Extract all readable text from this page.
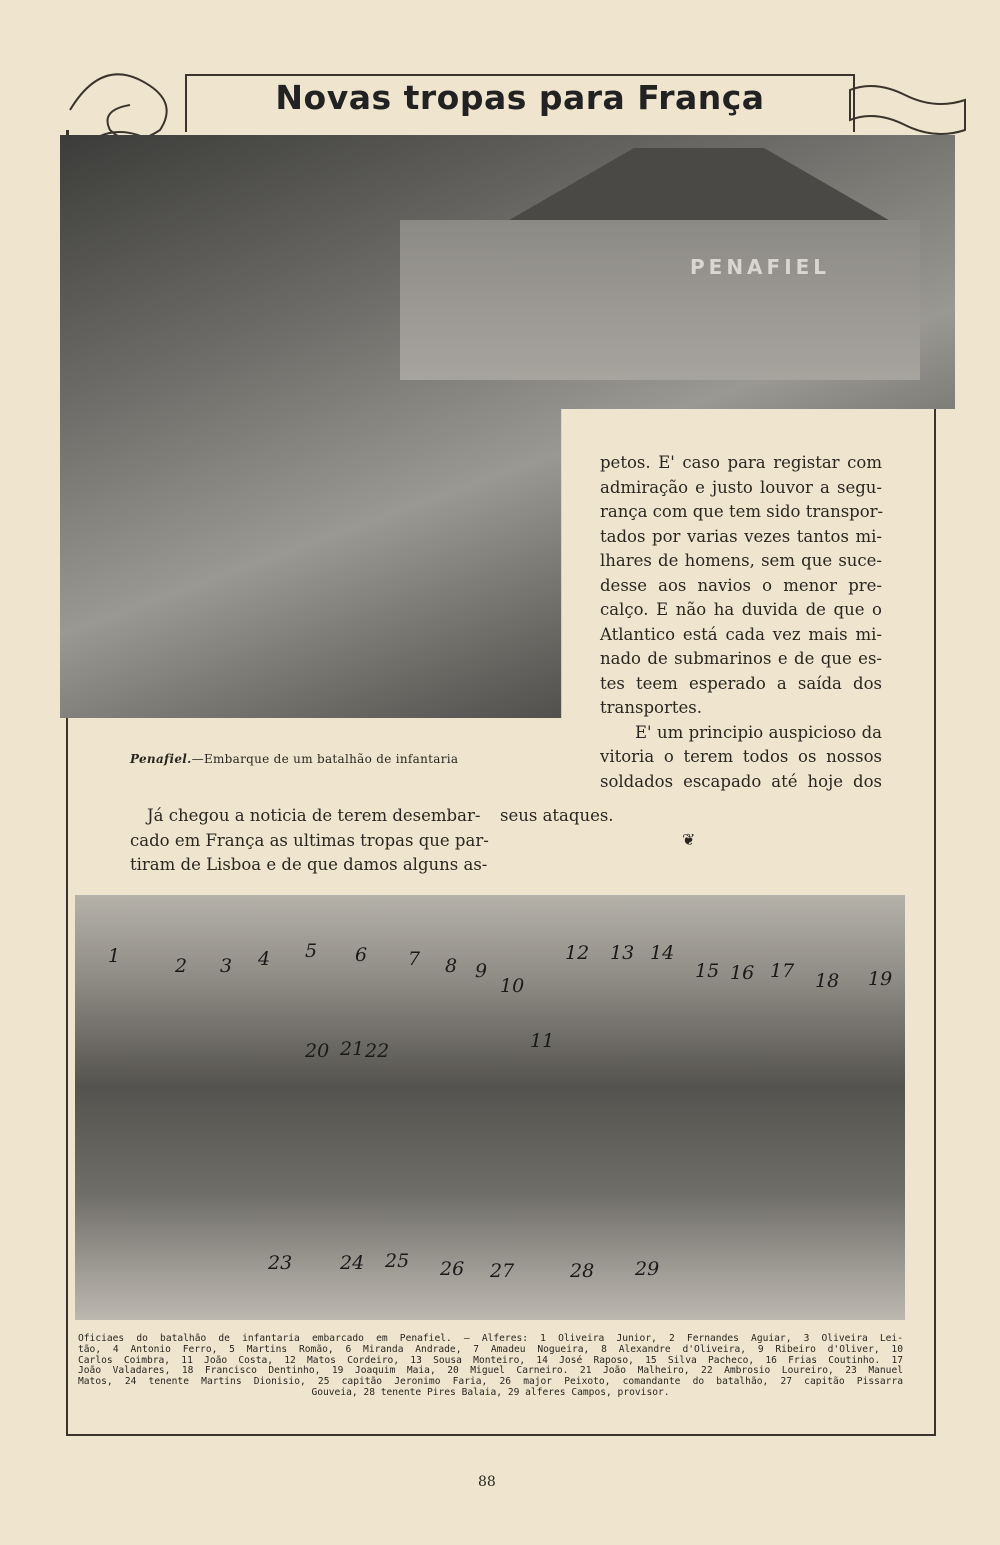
Novas tropas para França
PENAFIEL
Penafiel.—Embarque de um batalhão de infantaria
petos. E' caso para registar com
admiração e justo louvor a segu-
rança com que tem sido transpor-
tados por varias vezes tantos mi-
lhares de homens, sem que suce-
desse aos navios o menor pre-
calço. E não ha duvida de que o
Atlantico está cada vez mais mi-
nado de submarinos e de que es-
tes teem esperado a saída dos
transportes.
E' um principio auspicioso da
vitoria o terem todos os nossos
soldados escapado até hoje dos
seus ataques.
Já chegou a noticia de terem desembar-
cado em França as ultimas tropas que par-
tiram de Lisboa e de que damos alguns as-
❦
1	2 3 4 5 6 7 8 9
10
11
12 13 14
15 16 17 18 19
20 21 22
23	24 25 26 27	28 29
Oficiaes do batalhão de infantaria embarcado em Penafiel. — Alferes: 1 Oliveira Junior, 2 Fernandes Aguiar, 3 Oliveira Lei-
tão, 4 Antonio Ferro, 5 Martins Romão, 6 Miranda Andrade, 7 Amadeu Nogueira, 8 Alexandre d'Oliveira, 9 Ribeiro d'Oliver, 10
Carlos Coimbra, 11 João Costa, 12 Matos Cordeiro, 13 Sousa Monteiro, 14 José Raposo, 15 Silva Pacheco, 16 Frias Coutinho. 17
João Valadares, 18 Francisco Dentinho, 19 Joaquim Maia, 20 Miguel Carneiro. 21 João Malheiro, 22 Ambrosio Loureiro, 23 Manuel
Matos, 24 tenente Martins Dionisio, 25 capitão Jeronimo Faria, 26 major Peixoto, comandante do batalhão, 27 capitão Pissarra
Gouveia, 28 tenente Pires Balaia, 29 alferes Campos, provisor.
88
